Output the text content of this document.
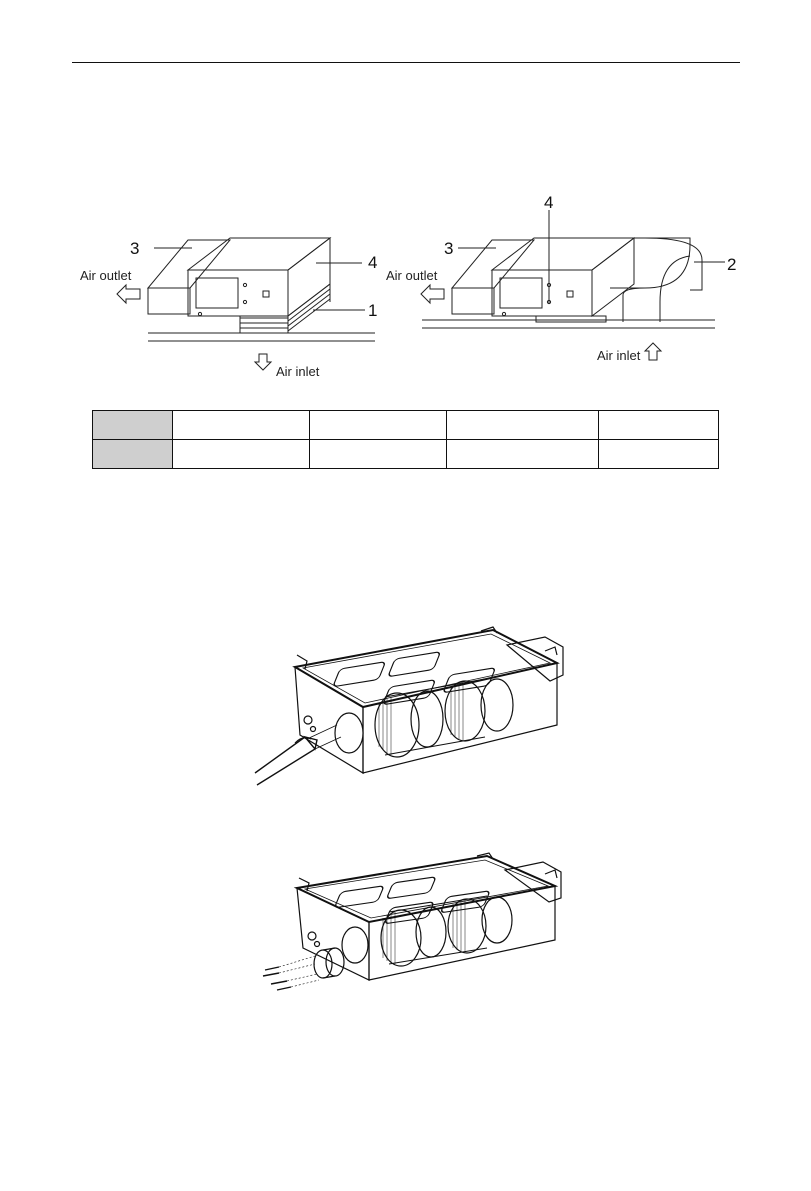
3
4
1
Air outlet
Air inlet
4
3
2
Air outlet
Air inlet
